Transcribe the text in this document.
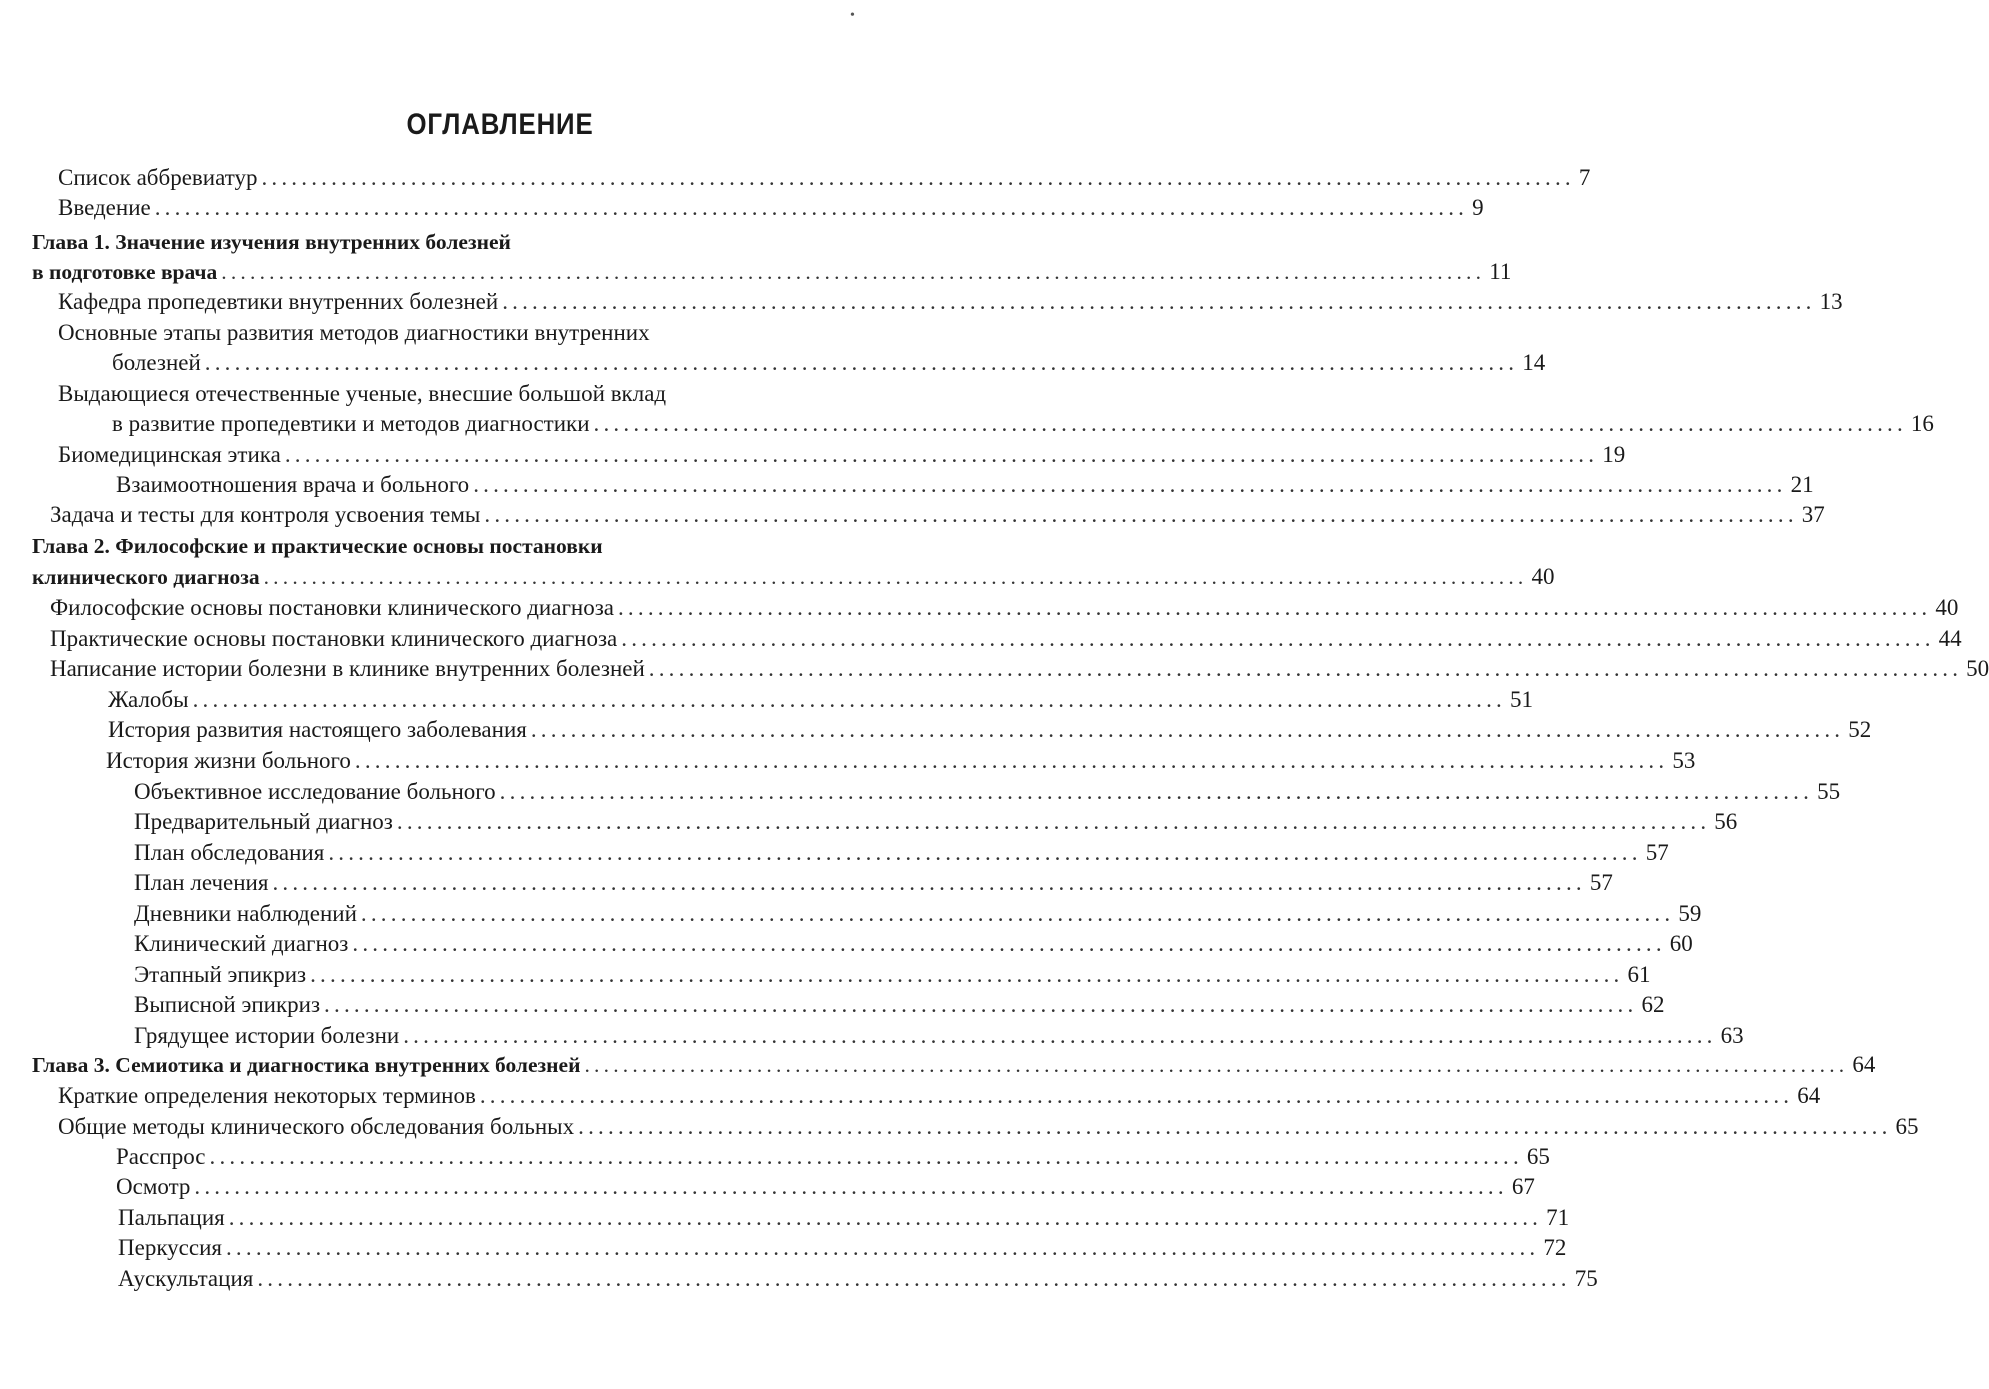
•
ОГЛАВЛЕНИЕ
Список аббревиатур .................................................................................................................................... 7
Введение .................................................................................................................................... 9
Глава 1. Значение изучения внутренних болезней
в подготовке врача .................................................................................................................................... 11
Кафедра пропедевтики внутренних болезней .................................................................................................................................... 13
Основные этапы развития методов диагностики внутренних
болезней .................................................................................................................................... 14
Выдающиеся отечественные ученые, внесшие большой вклад
в развитие пропедевтики и методов диагностики .................................................................................................................................... 16
Биомедицинская этика .................................................................................................................................... 19
Взаимоотношения врача и больного .................................................................................................................................... 21
Задача и тесты для контроля усвоения темы .................................................................................................................................... 37
Глава 2. Философские и практические основы постановки
клинического диагноза .................................................................................................................................... 40
Философские основы постановки клинического диагноза .................................................................................................................................... 40
Практические основы постановки клинического диагноза .................................................................................................................................... 44
Написание истории болезни в клинике внутренних болезней .................................................................................................................................... 50
Жалобы .................................................................................................................................... 51
История развития настоящего заболевания .................................................................................................................................... 52
История жизни больного .................................................................................................................................... 53
Объективное исследование больного .................................................................................................................................... 55
Предварительный диагноз .................................................................................................................................... 56
План обследования .................................................................................................................................... 57
План лечения .................................................................................................................................... 57
Дневники наблюдений .................................................................................................................................... 59
Клинический диагноз .................................................................................................................................... 60
Этапный эпикриз .................................................................................................................................... 61
Выписной эпикриз .................................................................................................................................... 62
Грядущее истории болезни .................................................................................................................................... 63
Глава 3. Семиотика и диагностика внутренних болезней .................................................................................................................................... 64
Краткие определения некоторых терминов .................................................................................................................................... 64
Общие методы клинического обследования больных .................................................................................................................................... 65
Расспрос .................................................................................................................................... 65
Осмотр .................................................................................................................................... 67
Пальпация .................................................................................................................................... 71
Перкуссия .................................................................................................................................... 72
Аускультация .................................................................................................................................... 75
